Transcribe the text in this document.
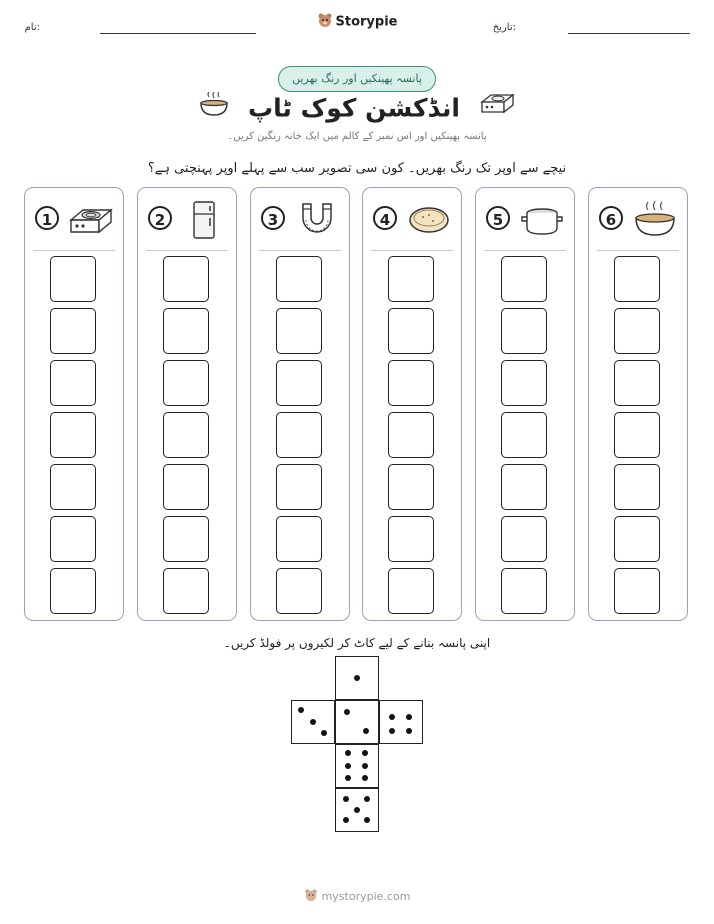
نام:	Storypie	تاریخ:
پانسہ پھینکیں اور رنگ بھریں
انڈکشن کوک ٹاپ
پانسہ پھینکیں اور اس نمبر کے کالم میں ایک خانہ رنگین کریں۔
نیچے سے اوپر تک رنگ بھریں۔ کون سی تصویر سب سے پہلے اوپر پہنچتی ہے؟
1	2	3	4	5	6
اپنی پانسہ بنانے کے لیے کاٹ کر لکیروں پر فولڈ کریں۔
mystorypie.com
